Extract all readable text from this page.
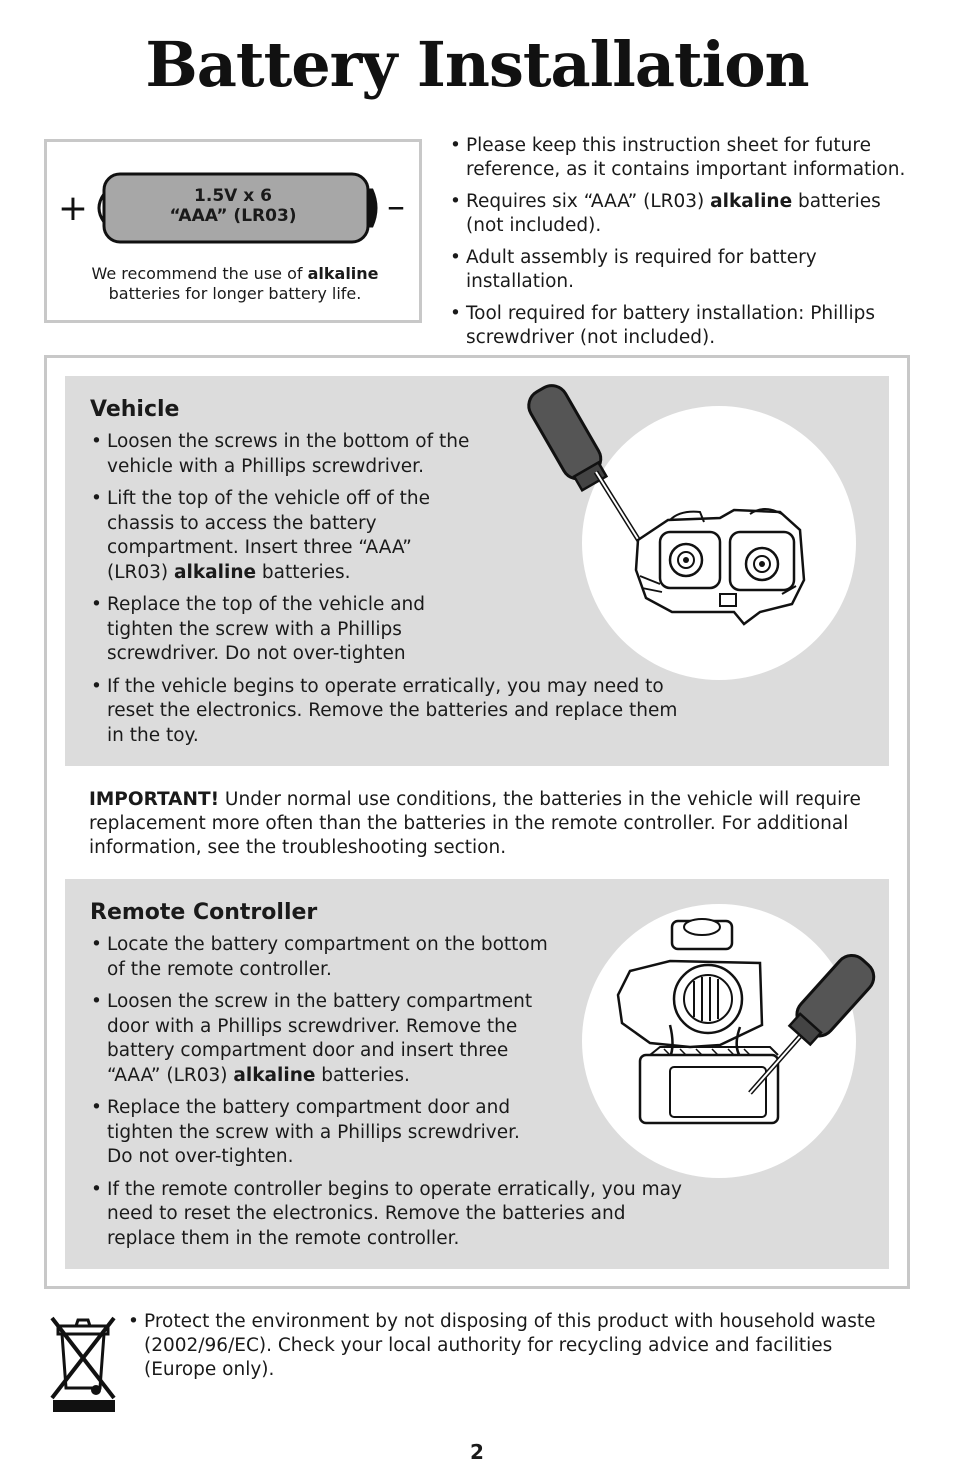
Battery Installation
+	–
1.5V x 6
“AAA” (LR03)
We recommend the use of alkaline batteries for longer battery life.
• Please keep this instruction sheet for future reference, as it contains important information.
• Requires six “AAA” (LR03) alkaline batteries (not included).
• Adult assembly is required for battery installation.
• Tool required for battery installation: Phillips screwdriver (not included).
Vehicle
• Loosen the screws in the bottom of the vehicle with a Phillips screwdriver.
• Lift the top of the vehicle off of the chassis to access the battery compartment. Insert three “AAA” (LR03) alkaline batteries.
• Replace the top of the vehicle and tighten the screw with a Phillips screwdriver. Do not over-tighten
• If the vehicle begins to operate erratically, you may need to reset the electronics. Remove the batteries and replace them in the toy.
IMPORTANT! Under normal use conditions, the batteries in the vehicle will require replacement more often than the batteries in the remote controller. For additional information, see the troubleshooting section.
Remote Controller
• Locate the battery compartment on the bottom of the remote controller.
• Loosen the screw in the battery compartment door with a Phillips screwdriver. Remove the battery compartment door and insert three “AAA” (LR03) alkaline batteries.
• Replace the battery compartment door and tighten the screw with a Phillips screwdriver. Do not over-tighten.
• If the remote controller begins to operate erratically, you may need to reset the electronics. Remove the batteries and replace them in the remote controller.
• Protect the environment by not disposing of this product with household waste (2002/96/EC). Check your local authority for recycling advice and facilities (Europe only).
2
